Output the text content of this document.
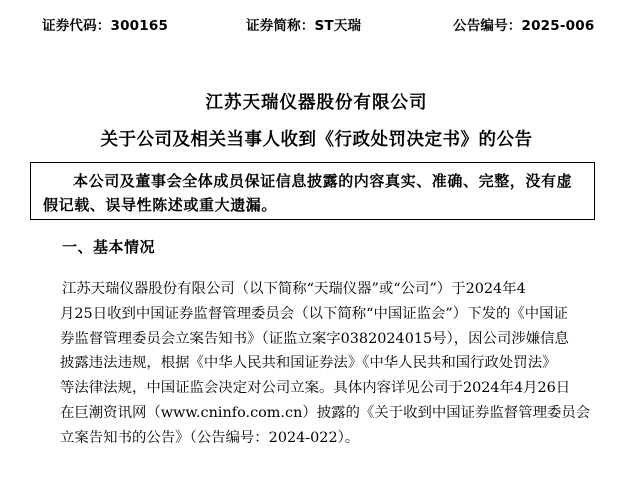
证券代码：300165	证券简称：ST天瑞	公告编号：2025-006
江苏天瑞仪器股份有限公司
关于公司及相关当事人收到《行政处罚决定书》的公告
本公司及董事会全体成员保证信息披露的内容真实、准确、完整，没有虚
假记载、误导性陈述或重大遗漏。
一、基本情况
江苏天瑞仪器股份有限公司（以下简称“天瑞仪器”或“公司”）于2024年4
月25日收到中国证券监督管理委员会（以下简称“中国证监会”）下发的《中国证
券监督管理委员会立案告知书》（证监立案字0382024015号），因公司涉嫌信息
披露违法违规，根据《中华人民共和国证券法》《中华人民共和国行政处罚法》
等法律法规，中国证监会决定对公司立案。具体内容详见公司于2024年4月26日
在巨潮资讯网（www.cninfo.com.cn）披露的《关于收到中国证券监督管理委员会
立案告知书的公告》（公告编号：2024-022）。
